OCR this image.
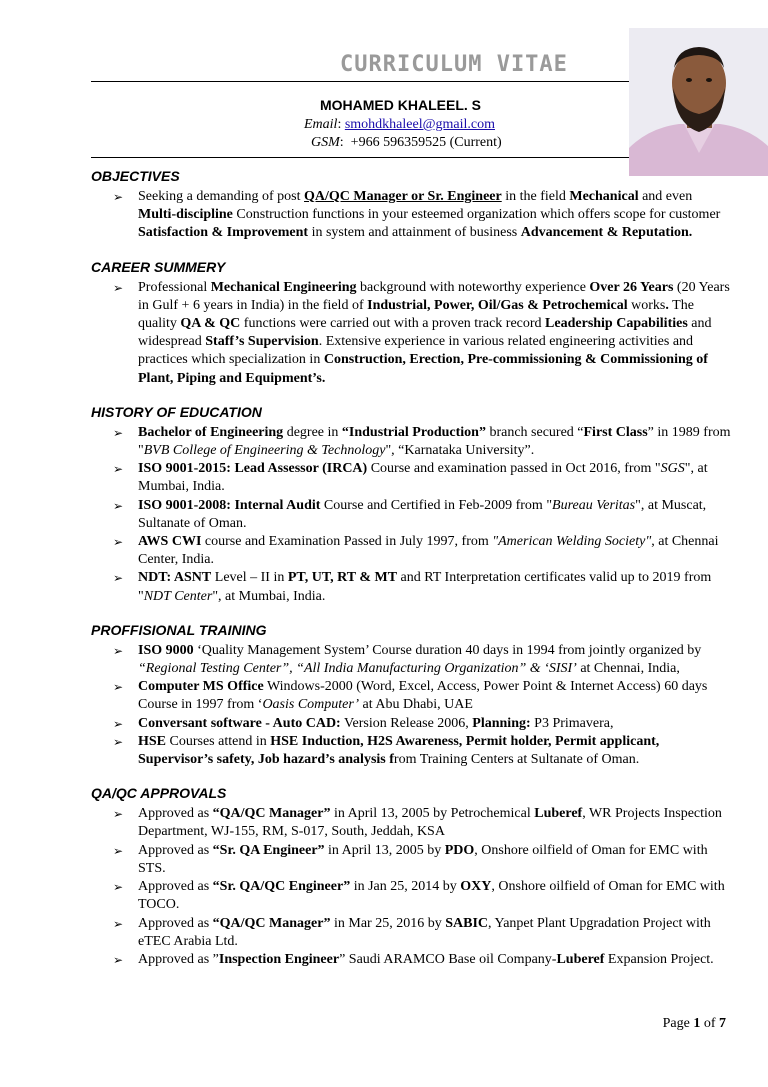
CURRICULUM VITAE
MOHAMED KHALEEL. S
Email: smohdkhaleel@gmail.com
GSM:  +966 596359525 (Current)
OBJECTIVES
➢ Seeking a demanding of post QA/QC Manager or Sr. Engineer in the field Mechanical and even Multi-discipline Construction functions in your esteemed organization which offers scope for customer Satisfaction & Improvement in system and attainment of business Advancement & Reputation.
CAREER SUMMERY
➢ Professional Mechanical Engineering background with noteworthy experience Over 26 Years (20 Years in Gulf + 6 years in India) in the field of Industrial, Power, Oil/Gas & Petrochemical works. The quality QA & QC functions were carried out with a proven track record Leadership Capabilities and widespread Staff’s Supervision. Extensive experience in various related engineering activities and practices which specialization in Construction, Erection, Pre-commissioning & Commissioning of Plant, Piping and Equipment’s.
HISTORY OF EDUCATION
➢ Bachelor of Engineering degree in “Industrial Production” branch secured “First Class” in 1989 from "BVB College of Engineering & Technology", “Karnataka University”.
➢ ISO 9001-2015: Lead Assessor (IRCA) Course and examination passed in Oct 2016, from "SGS", at Mumbai, India.
➢ ISO 9001-2008: Internal Audit Course and Certified in Feb-2009 from "Bureau Veritas", at Muscat, Sultanate of Oman.
➢ AWS CWI course and Examination Passed in July 1997, from "American Welding Society", at Chennai Center, India.
➢ NDT: ASNT Level – II in PT, UT, RT & MT and RT Interpretation certificates valid up to 2019 from "NDT Center", at Mumbai, India.
PROFFISIONAL TRAINING
➢ ISO 9000 ‘Quality Management System’ Course duration 40 days in 1994 from jointly organized by “Regional Testing Center”, “All India Manufacturing Organization” & ‘SISI’ at Chennai, India,
➢ Computer MS Office Windows-2000 (Word, Excel, Access, Power Point & Internet Access) 60 days Course in 1997 from ‘Oasis Computer’ at Abu Dhabi, UAE
➢ Conversant software - Auto CAD: Version Release 2006, Planning: P3 Primavera,
➢ HSE Courses attend in HSE Induction, H2S Awareness, Permit holder, Permit applicant, Supervisor’s safety, Job hazard’s analysis from Training Centers at Sultanate of Oman.
QA/QC APPROVALS
➢ Approved as “QA/QC Manager” in April 13, 2005 by Petrochemical Luberef, WR Projects Inspection Department, WJ-155, RM, S-017, South, Jeddah, KSA
➢ Approved as “Sr. QA Engineer” in April 13, 2005 by PDO, Onshore oilfield of Oman for EMC with STS.
➢ Approved as “Sr. QA/QC Engineer” in Jan 25, 2014 by OXY, Onshore oilfield of Oman for EMC with TOCO.
➢ Approved as “QA/QC Manager” in Mar 25, 2016 by SABIC, Yanpet Plant Upgradation Project with eTEC Arabia Ltd.
➢ Approved as ”Inspection Engineer” Saudi ARAMCO Base oil Company-Luberef Expansion Project.
Page 1 of 7
